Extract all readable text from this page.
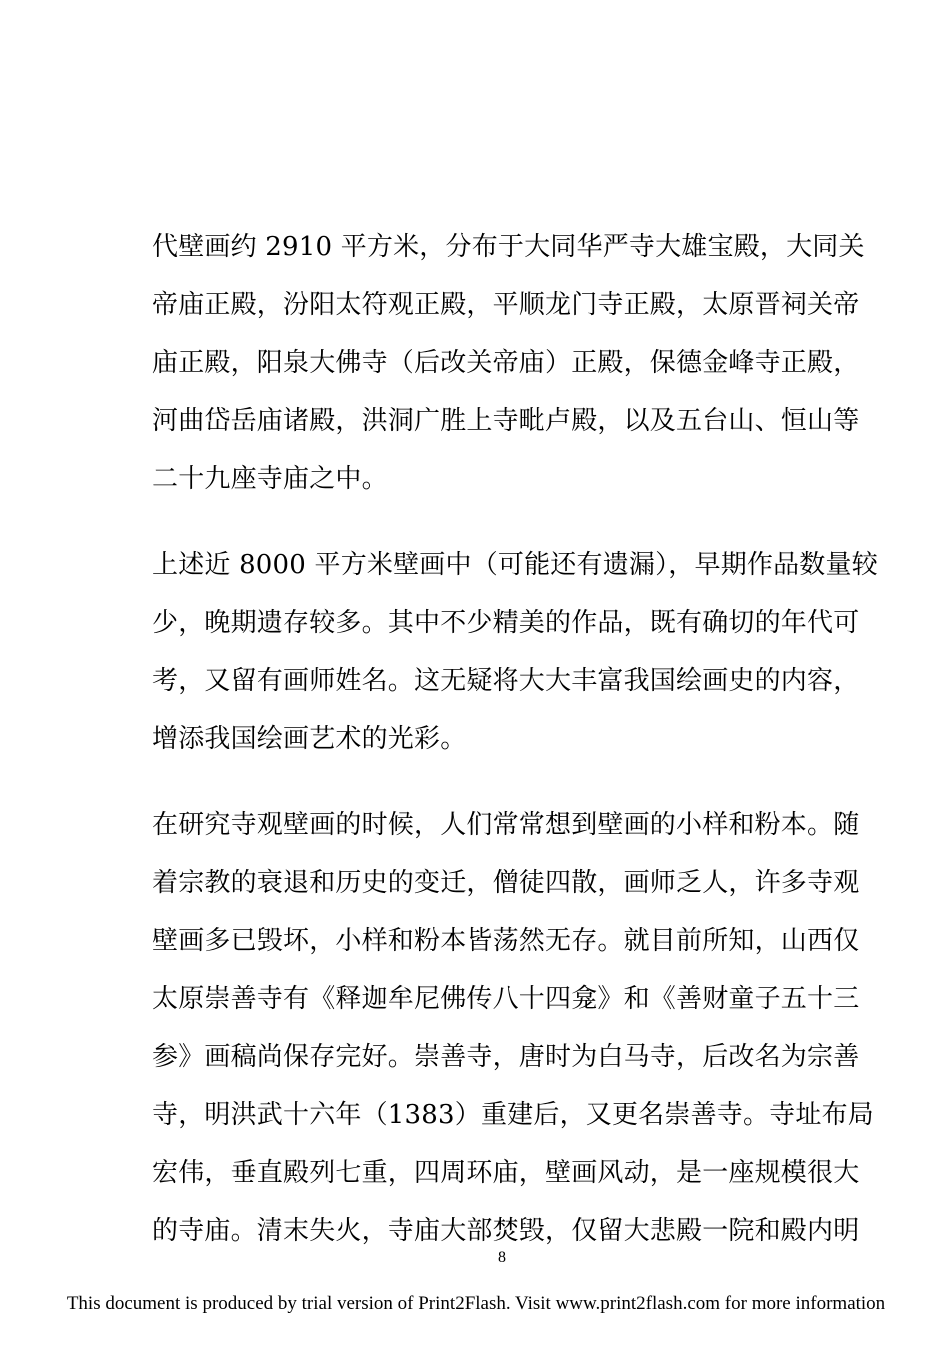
代壁画约 2910 平方米，分布于大同华严寺大雄宝殿，大同关
帝庙正殿，汾阳太符观正殿，平顺龙门寺正殿，太原晋祠关帝
庙正殿，阳泉大佛寺（后改关帝庙）正殿，保德金峰寺正殿，
河曲岱岳庙诸殿，洪洞广胜上寺毗卢殿，以及五台山、恒山等
二十九座寺庙之中。
上述近 8000 平方米壁画中（可能还有遗漏），早期作品数量较
少，晚期遗存较多。其中不少精美的作品，既有确切的年代可
考，又留有画师姓名。这无疑将大大丰富我国绘画史的内容，
增添我国绘画艺术的光彩。
在研究寺观壁画的时候，人们常常想到壁画的小样和粉本。随
着宗教的衰退和历史的变迁，僧徒四散，画师乏人，许多寺观
壁画多已毁坏，小样和粉本皆荡然无存。就目前所知，山西仅
太原崇善寺有《释迦牟尼佛传八十四龛》和《善财童子五十三
参》画稿尚保存完好。崇善寺，唐时为白马寺，后改名为宗善
寺，明洪武十六年（1383）重建后，又更名崇善寺。寺址布局
宏伟，垂直殿列七重，四周环庙，壁画风动，是一座规模很大
的寺庙。清末失火，寺庙大部焚毁，仅留大悲殿一院和殿内明
8
This document is produced by trial version of Print2Flash. Visit www.print2flash.com for more information
